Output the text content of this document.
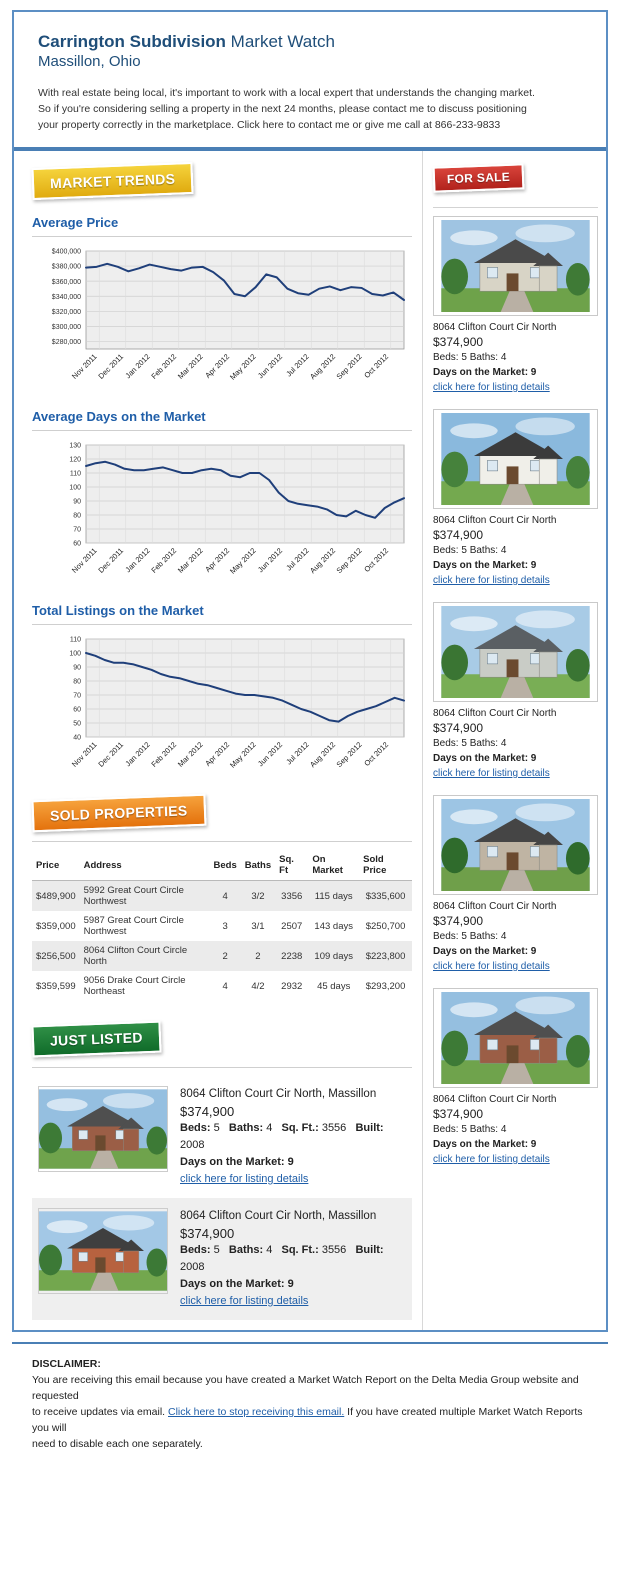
Carrington Subdivision Market Watch
Massillon, Ohio
With real estate being local, it's important to work with a local expert that understands the changing market.
So if you're considering selling a property in the next 24 months, please contact me to discuss positioning
your property correctly in the marketplace. Click here to contact me or give me call at 866-233-9833
MARKET TRENDS
Average Price
$280,000
$300,000
$320,000
$340,000
$360,000
$380,000
$400,000
Nov 2011
Dec 2011
Jan 2012
Feb 2012
Mar 2012
Apr 2012
May 2012
Jun 2012 Jul 2012
Aug 2012
Sep 2012
Oct 2012
Average Days on the Market
60
70
80
90
100
110
120
130
Nov 2011
Dec 2011
Jan 2012
Feb 2012
Mar 2012
Apr 2012
May 2012
Jun 2012 Jul 2012
Aug 2012
Sep 2012
Oct 2012
Total Listings on the Market
40
50
60
70
80
90
100
110
Nov 2011
Dec 2011
Jan 2012
Feb 2012
Mar 2012
Apr 2012
May 2012
Jun 2012 Jul 2012
Aug 2012
Sep 2012
Oct 2012
SOLD PROPERTIES
Price	Address	Beds	Baths	Sq. Ft	On Market	Sold Price
$489,900	5992 Great Court Circle Northwest	4	3/2	3356	115 days	$335,600
$359,000	5987 Great Court Circle Northwest	3	3/1	2507	143 days	$250,700
$256,500	8064 Clifton Court Circle North	2	2	2238	109 days	$223,800
$359,599	9056 Drake Court Circle Northeast	4	4/2	2932	45 days	$293,200
JUST LISTED
8064 Clifton Court Cir North, Massillon
$374,900
Beds: 5   Baths: 4   Sq. Ft.: 3556   Built: 2008
Days on the Market: 9
click here for listing details
8064 Clifton Court Cir North, Massillon
$374,900
Beds: 5   Baths: 4   Sq. Ft.: 3556   Built: 2008
Days on the Market: 9
click here for listing details
FOR SALE
8064 Clifton Court Cir North
$374,900
Beds: 5 Baths: 4
Days on the Market: 9
click here for listing details
8064 Clifton Court Cir North
$374,900
Beds: 5 Baths: 4
Days on the Market: 9
click here for listing details
8064 Clifton Court Cir North
$374,900
Beds: 5 Baths: 4
Days on the Market: 9
click here for listing details
8064 Clifton Court Cir North
$374,900
Beds: 5 Baths: 4
Days on the Market: 9
click here for listing details
8064 Clifton Court Cir North
$374,900
Beds: 5 Baths: 4
Days on the Market: 9
click here for listing details
DISCLAIMER:
You are receiving this email because you have created a Market Watch Report on the Delta Media Group website and requested
to receive updates via email. Click here to stop receiving this email. If you have created multiple Market Watch Reports you will
need to disable each one separately.
